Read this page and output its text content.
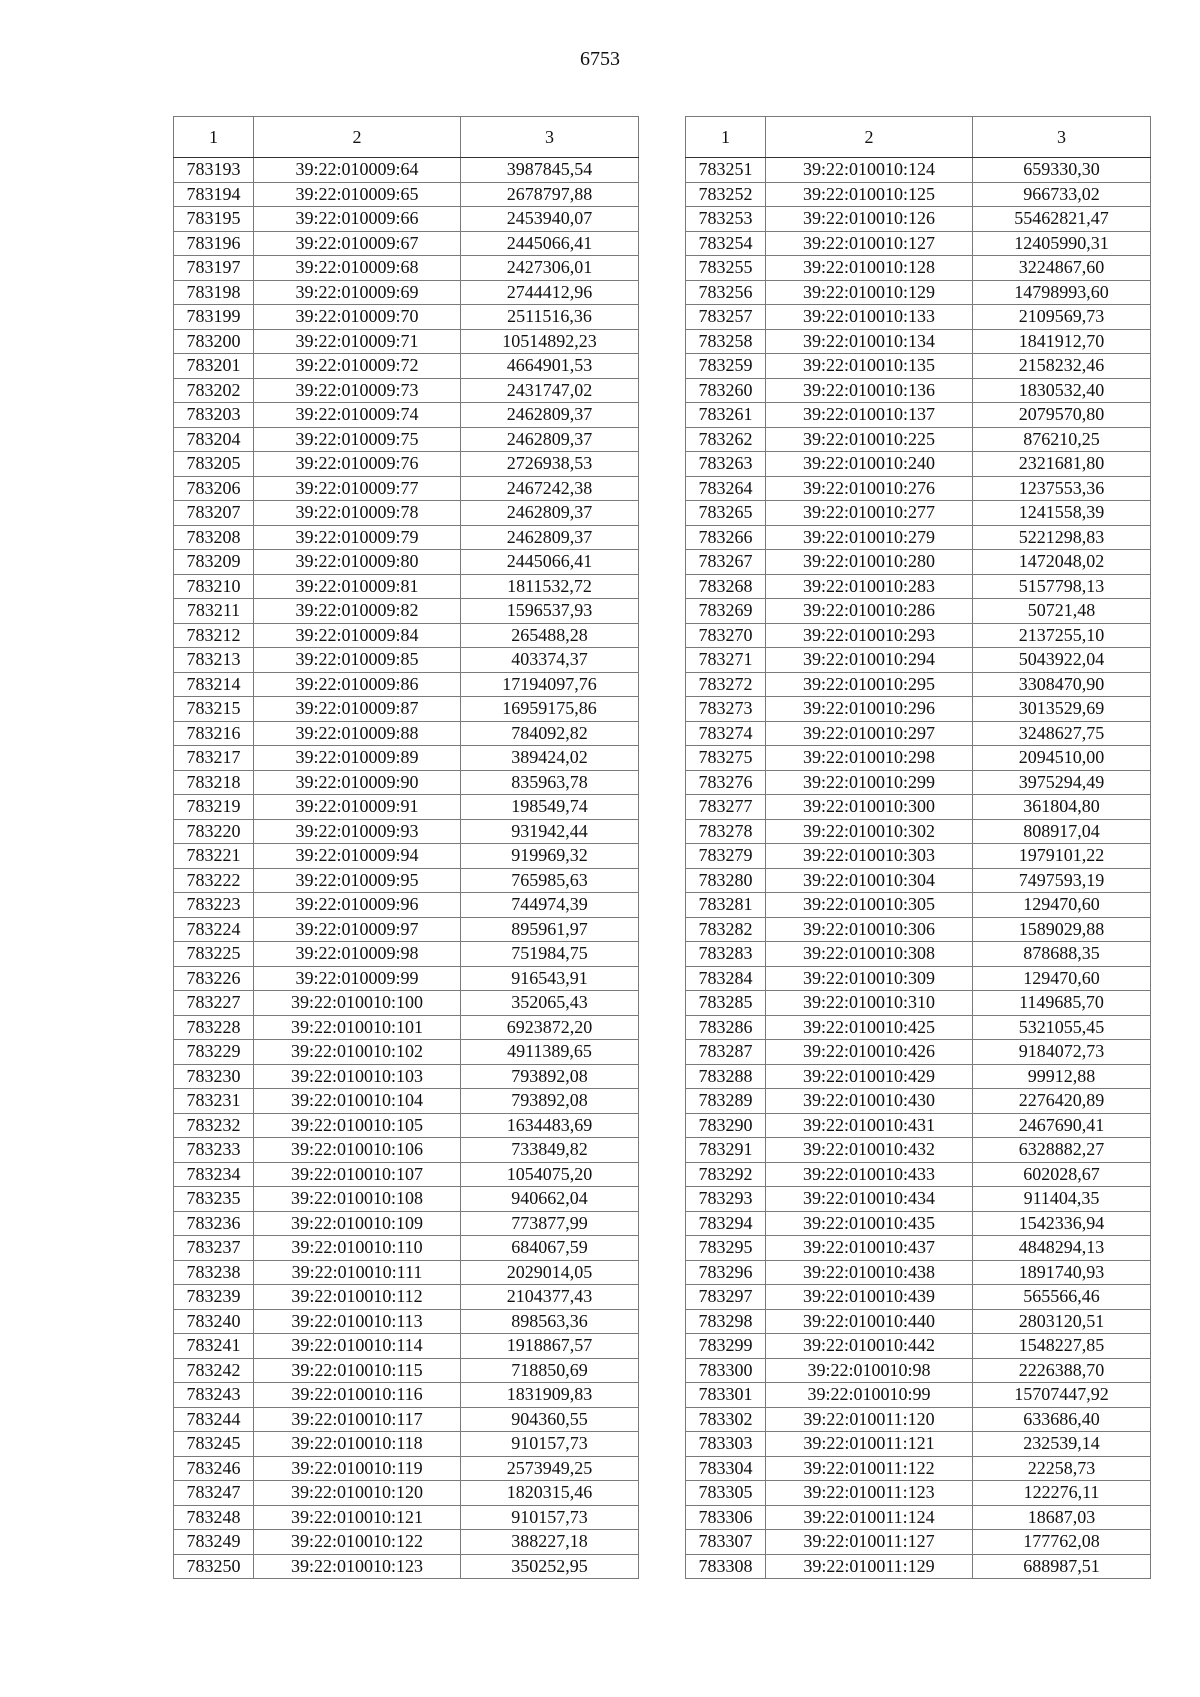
6753
1	2	3
783193	39:22:010009:64	3987845,54
783194	39:22:010009:65	2678797,88
783195	39:22:010009:66	2453940,07
783196	39:22:010009:67	2445066,41
783197	39:22:010009:68	2427306,01
783198	39:22:010009:69	2744412,96
783199	39:22:010009:70	2511516,36
783200	39:22:010009:71	10514892,23
783201	39:22:010009:72	4664901,53
783202	39:22:010009:73	2431747,02
783203	39:22:010009:74	2462809,37
783204	39:22:010009:75	2462809,37
783205	39:22:010009:76	2726938,53
783206	39:22:010009:77	2467242,38
783207	39:22:010009:78	2462809,37
783208	39:22:010009:79	2462809,37
783209	39:22:010009:80	2445066,41
783210	39:22:010009:81	1811532,72
783211	39:22:010009:82	1596537,93
783212	39:22:010009:84	265488,28
783213	39:22:010009:85	403374,37
783214	39:22:010009:86	17194097,76
783215	39:22:010009:87	16959175,86
783216	39:22:010009:88	784092,82
783217	39:22:010009:89	389424,02
783218	39:22:010009:90	835963,78
783219	39:22:010009:91	198549,74
783220	39:22:010009:93	931942,44
783221	39:22:010009:94	919969,32
783222	39:22:010009:95	765985,63
783223	39:22:010009:96	744974,39
783224	39:22:010009:97	895961,97
783225	39:22:010009:98	751984,75
783226	39:22:010009:99	916543,91
783227	39:22:010010:100	352065,43
783228	39:22:010010:101	6923872,20
783229	39:22:010010:102	4911389,65
783230	39:22:010010:103	793892,08
783231	39:22:010010:104	793892,08
783232	39:22:010010:105	1634483,69
783233	39:22:010010:106	733849,82
783234	39:22:010010:107	1054075,20
783235	39:22:010010:108	940662,04
783236	39:22:010010:109	773877,99
783237	39:22:010010:110	684067,59
783238	39:22:010010:111	2029014,05
783239	39:22:010010:112	2104377,43
783240	39:22:010010:113	898563,36
783241	39:22:010010:114	1918867,57
783242	39:22:010010:115	718850,69
783243	39:22:010010:116	1831909,83
783244	39:22:010010:117	904360,55
783245	39:22:010010:118	910157,73
783246	39:22:010010:119	2573949,25
783247	39:22:010010:120	1820315,46
783248	39:22:010010:121	910157,73
783249	39:22:010010:122	388227,18
783250	39:22:010010:123	350252,95
1	2	3
783251	39:22:010010:124	659330,30
783252	39:22:010010:125	966733,02
783253	39:22:010010:126	55462821,47
783254	39:22:010010:127	12405990,31
783255	39:22:010010:128	3224867,60
783256	39:22:010010:129	14798993,60
783257	39:22:010010:133	2109569,73
783258	39:22:010010:134	1841912,70
783259	39:22:010010:135	2158232,46
783260	39:22:010010:136	1830532,40
783261	39:22:010010:137	2079570,80
783262	39:22:010010:225	876210,25
783263	39:22:010010:240	2321681,80
783264	39:22:010010:276	1237553,36
783265	39:22:010010:277	1241558,39
783266	39:22:010010:279	5221298,83
783267	39:22:010010:280	1472048,02
783268	39:22:010010:283	5157798,13
783269	39:22:010010:286	50721,48
783270	39:22:010010:293	2137255,10
783271	39:22:010010:294	5043922,04
783272	39:22:010010:295	3308470,90
783273	39:22:010010:296	3013529,69
783274	39:22:010010:297	3248627,75
783275	39:22:010010:298	2094510,00
783276	39:22:010010:299	3975294,49
783277	39:22:010010:300	361804,80
783278	39:22:010010:302	808917,04
783279	39:22:010010:303	1979101,22
783280	39:22:010010:304	7497593,19
783281	39:22:010010:305	129470,60
783282	39:22:010010:306	1589029,88
783283	39:22:010010:308	878688,35
783284	39:22:010010:309	129470,60
783285	39:22:010010:310	1149685,70
783286	39:22:010010:425	5321055,45
783287	39:22:010010:426	9184072,73
783288	39:22:010010:429	99912,88
783289	39:22:010010:430	2276420,89
783290	39:22:010010:431	2467690,41
783291	39:22:010010:432	6328882,27
783292	39:22:010010:433	602028,67
783293	39:22:010010:434	911404,35
783294	39:22:010010:435	1542336,94
783295	39:22:010010:437	4848294,13
783296	39:22:010010:438	1891740,93
783297	39:22:010010:439	565566,46
783298	39:22:010010:440	2803120,51
783299	39:22:010010:442	1548227,85
783300	39:22:010010:98	2226388,70
783301	39:22:010010:99	15707447,92
783302	39:22:010011:120	633686,40
783303	39:22:010011:121	232539,14
783304	39:22:010011:122	22258,73
783305	39:22:010011:123	122276,11
783306	39:22:010011:124	18687,03
783307	39:22:010011:127	177762,08
783308	39:22:010011:129	688987,51
